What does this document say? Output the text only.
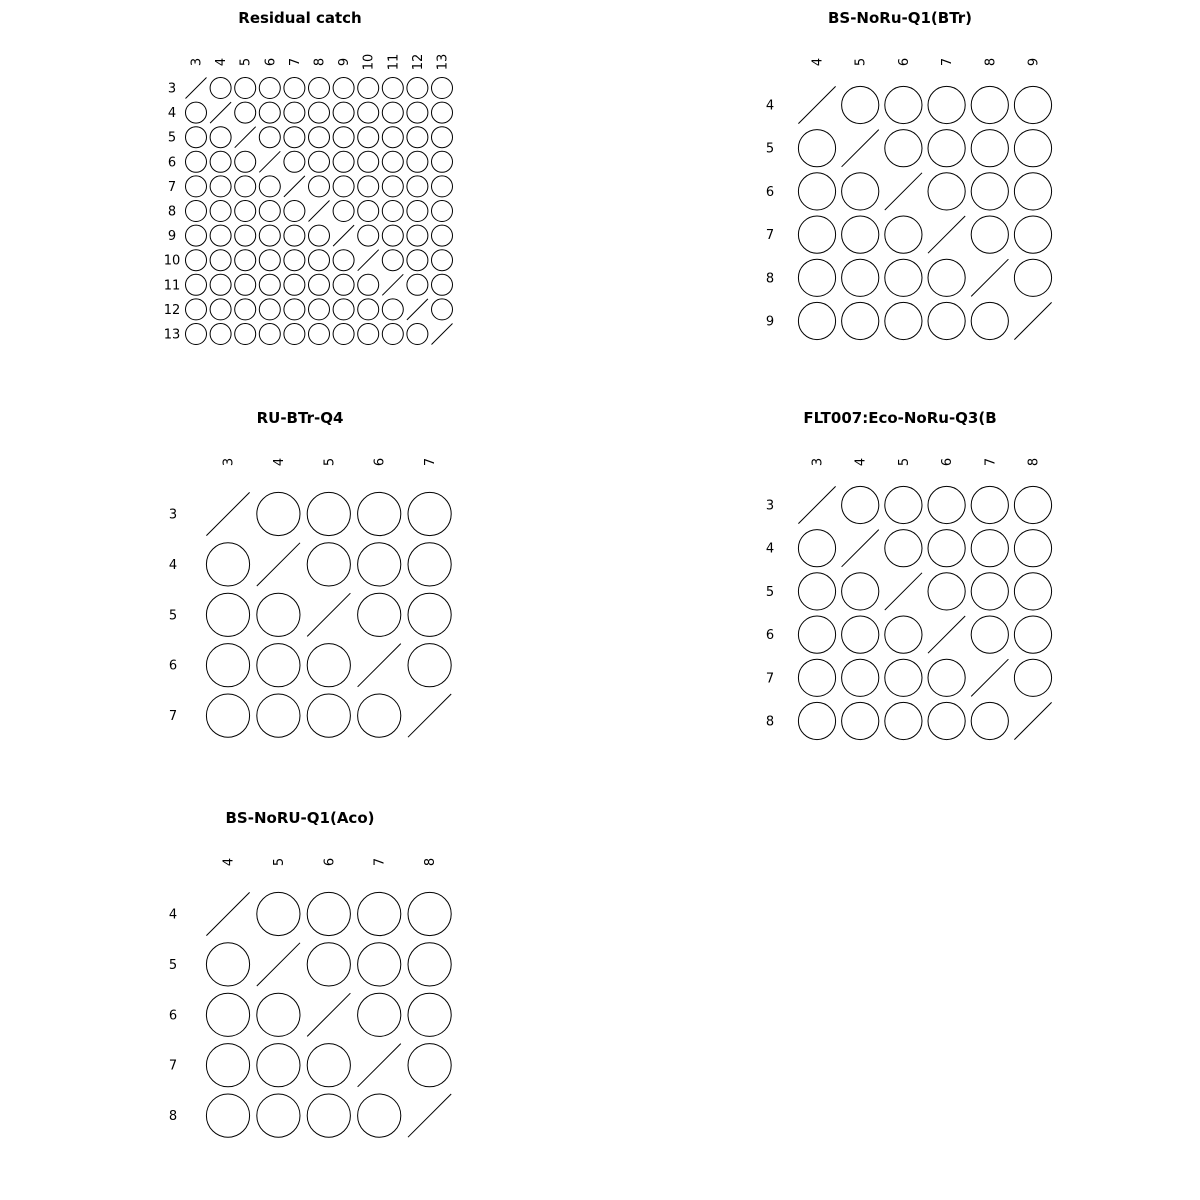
Residual catch
3 4 5 6 7 8 9 10 11 12 13
3
4
5
6
7
8
9
10
11
12
13
BS-NoRu-Q1(BTr)
4 5 6 7 8 9
4
5
6
7
8
9
RU-BTr-Q4
3	4	5	6	7
3
4
5
6
7
FLT007:Eco-NoRu-Q3(B
3 4 5 6 7 8
3
4
5
6
7
8
BS-NoRU-Q1(Aco)
4	5	6	7	8
4
5
6
7
8
